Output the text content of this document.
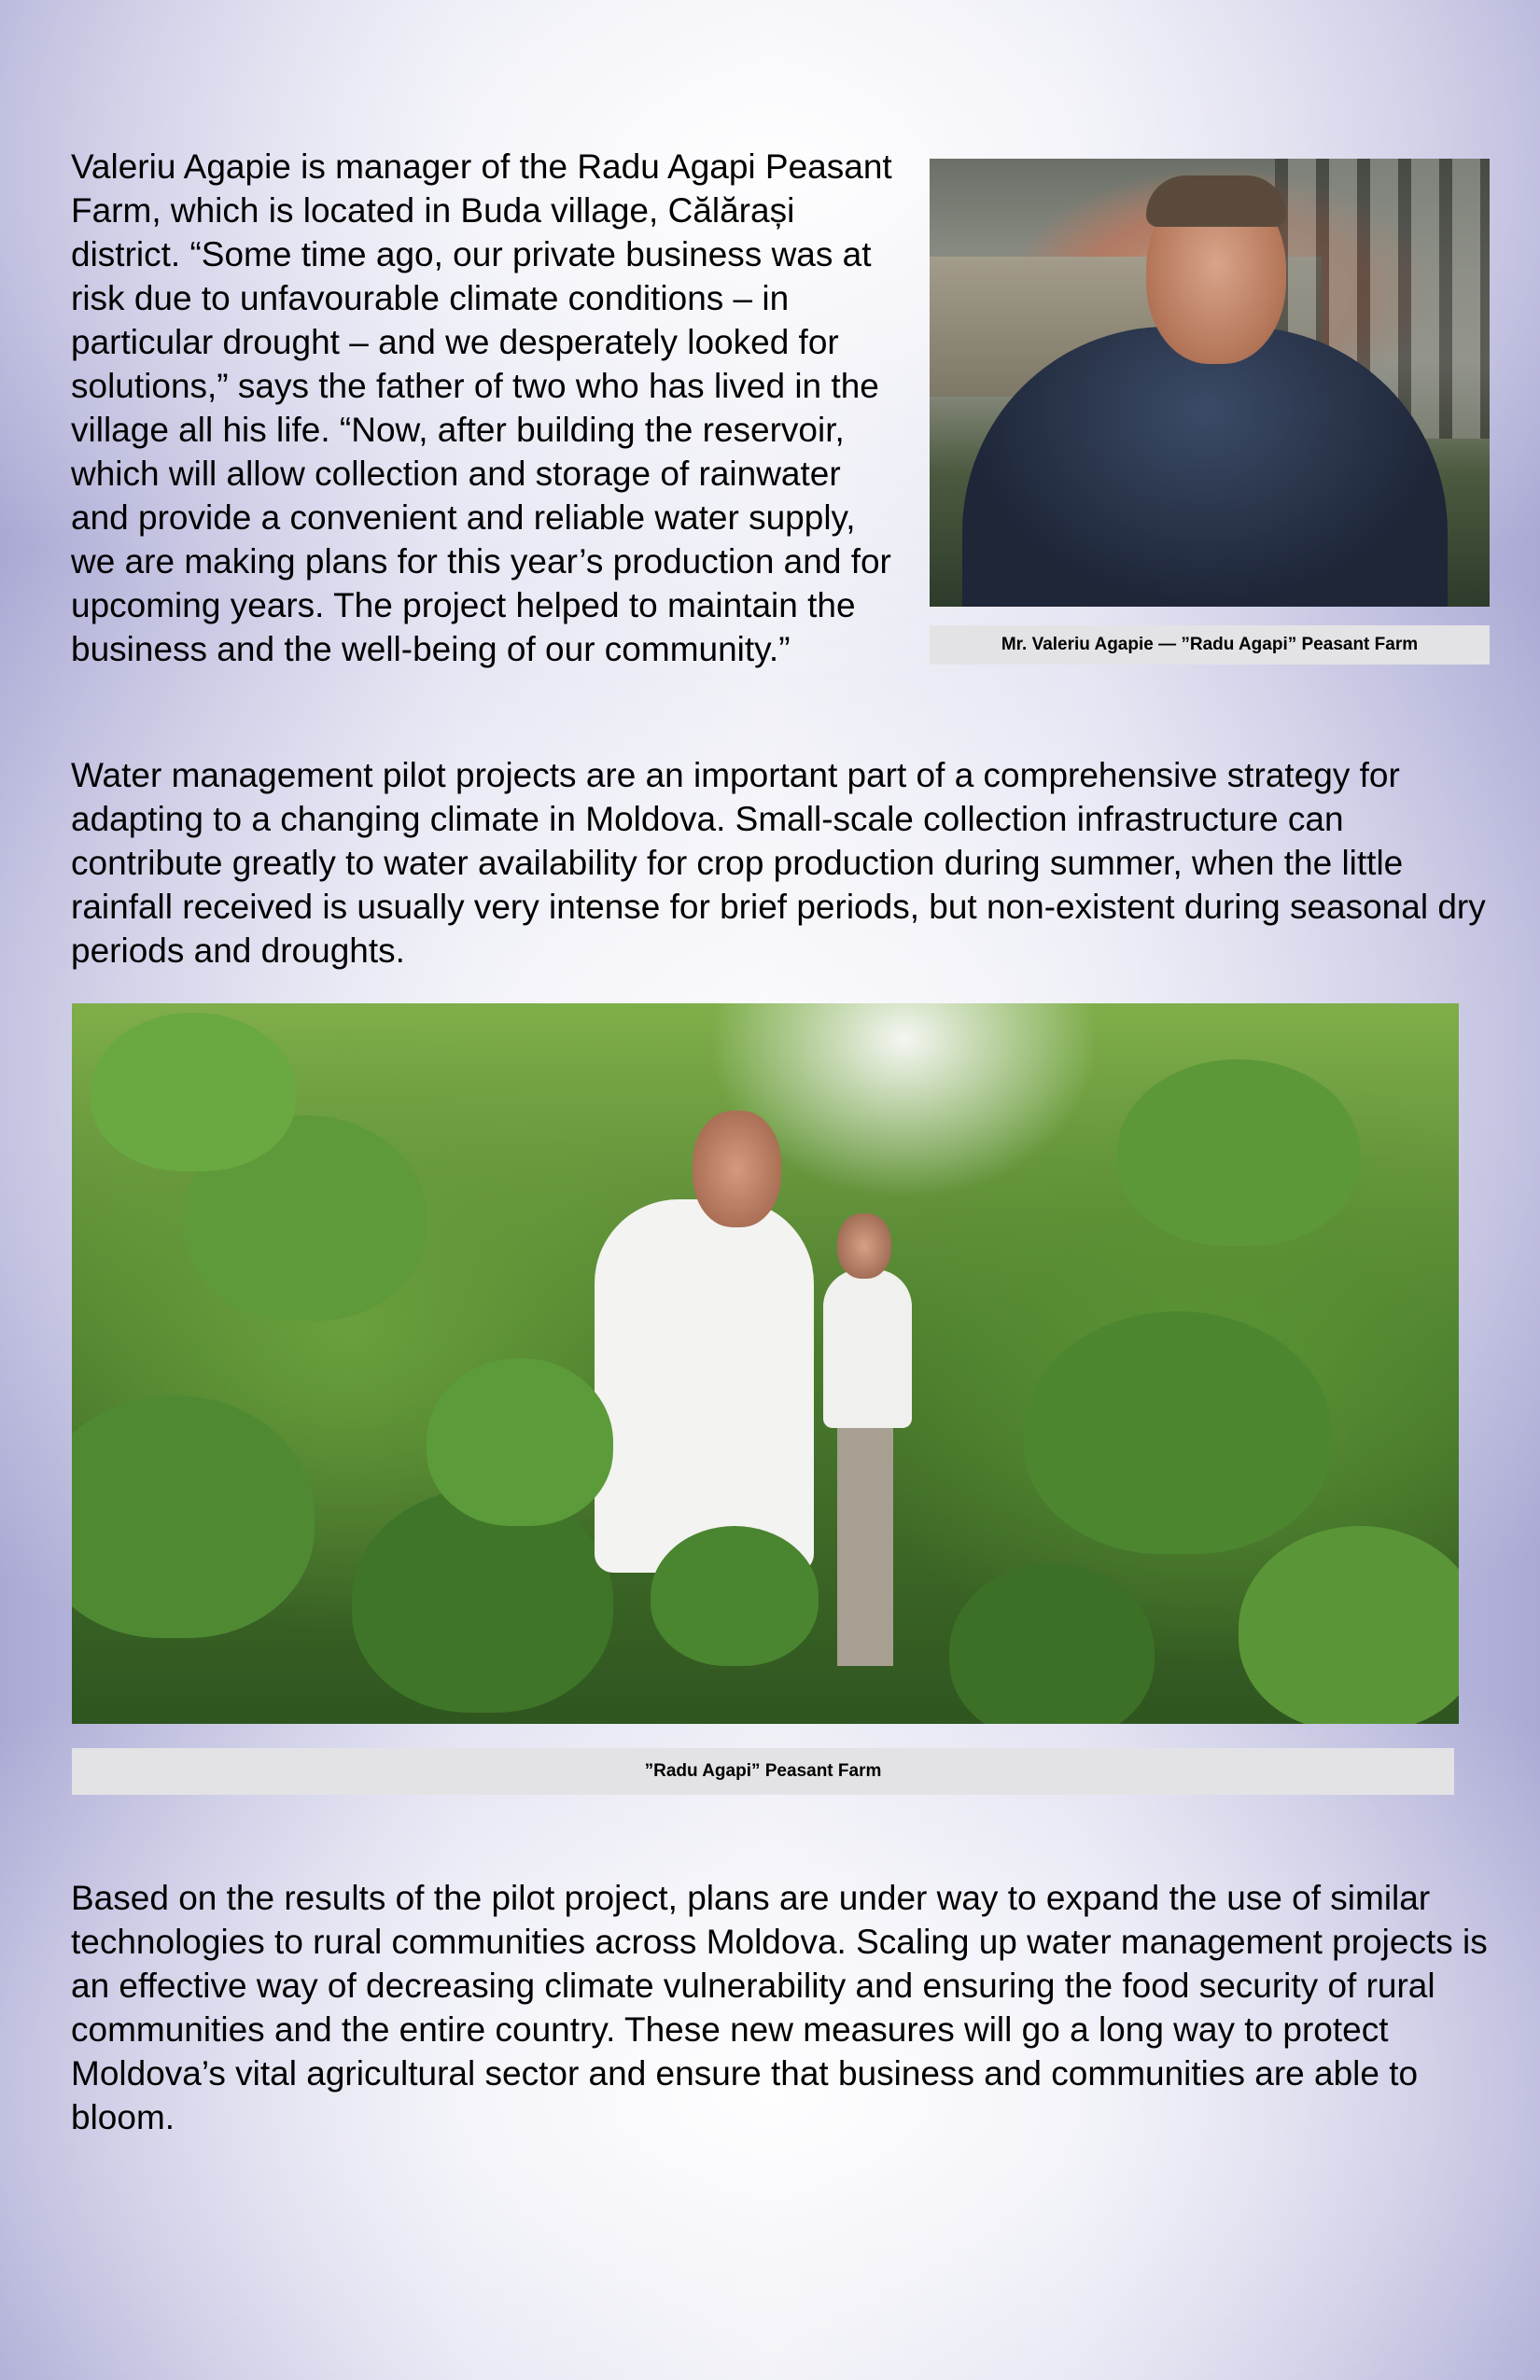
Mr. Valeriu Agapie — ”Radu Agapi” Peasant Farm
Valeriu Agapie is manager of the Radu Agapi Peasant Farm, which is located in Buda village, Călărași district. “Some time ago, our private business was at risk due to unfavourable climate conditions – in particular drought – and we desperately looked for solutions,” says the father of two who has lived in the village all his life. “Now, after building the reservoir, which will allow collection and storage of rainwater and provide a convenient and reliable water supply, we are making plans for this year’s production and for upcoming years. The project helped to maintain the business and the well-being of our community.”

Water management pilot projects are an important part of a comprehensive strategy for adapting to a changing climate in Moldova. Small-scale collection infrastructure can contribute greatly to water availability for crop production during summer, when the little rainfall received is usually very intense for brief periods, but non-existent during seasonal dry periods and droughts.

”Radu Agapi” Peasant Farm

Based on the results of the pilot project, plans are under way to expand the use of similar technologies to rural communities across Moldova. Scaling up water management projects is an effective way of decreasing climate vulnerability and ensuring the food security of rural communities and the entire country. These new measures will go a long way to protect Moldova’s vital agricultural sector and ensure that business and communities are able to bloom.
